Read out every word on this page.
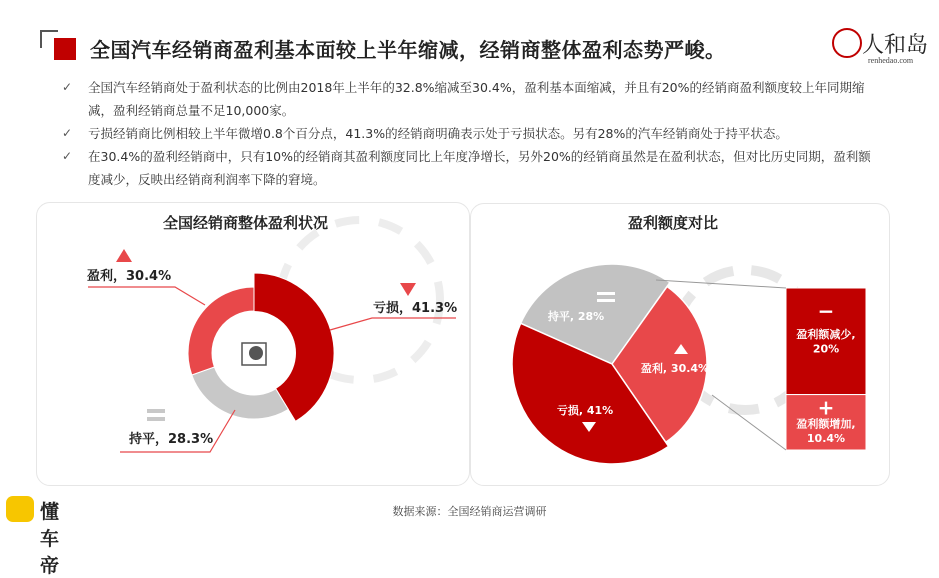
全国汽车经销商盈利基本面较上半年缩减，经销商整体盈利态势严峻。	人和岛
renhedao.com
✓ 全国汽车经销商处于盈利状态的比例由2018年上半年的32.8%缩减至30.4%，盈利基本面缩减，并且有20%的经销商盈利额度较上年同期缩减，盈利经销商总量不足10,000家。
✓ 亏损经销商比例相较上半年微增0.8个百分点，41.3%的经销商明确表示处于亏损状态。另有28%的汽车经销商处于持平状态。
✓ 在30.4%的盈利经销商中，只有10%的经销商其盈利额度同比上年度净增长，另外20%的经销商虽然是在盈利状态，但对比历史同期，盈利额度减少，反映出经销商利润率下降的窘境。
全国经销商整体盈利状况	盈利额度对比
持平, 28%
盈利, 30.4%
亏损, 41%
−
盈利额减少, 20%
+
盈利额增加, 10.4%
盈利，30.4%
亏损，41.3%
持平，28.3%
数据来源：全国经销商运营调研
懂车帝
